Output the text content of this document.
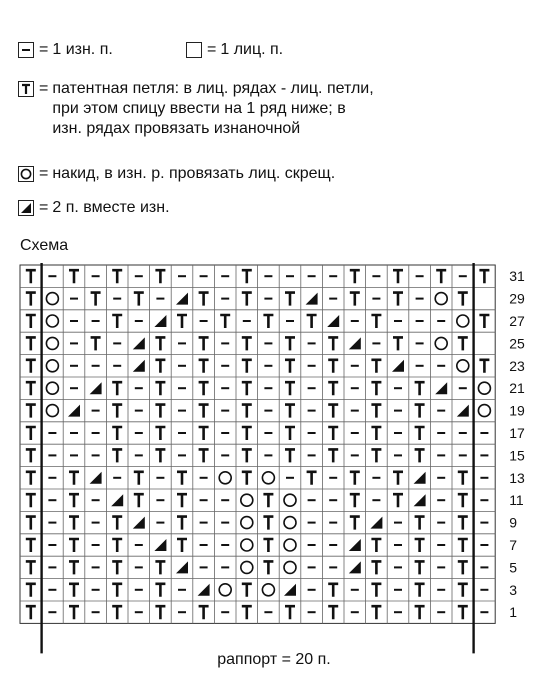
= 1 изн. п.	= 1 лиц. п.
= патентная петля: в лиц. рядах - лиц. петли,
при этом спицу ввести на 1 ряд ниже; в
изн. рядах провязать изнаночной
= накид, в изн. р. провязать лиц. скрещ.
= 2 п. вместе изн.
Схема
31
29
27
25
23
21
19
17
15
13
11
9
7
5
3
1
раппорт = 20 п.
